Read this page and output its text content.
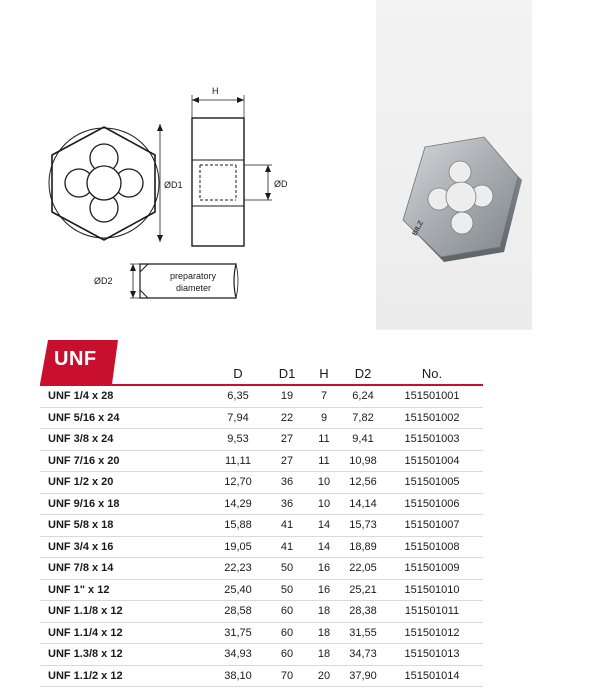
ØD1
H
ØD
ØD2	preparatory
diameter
BILZ
UNF
D	D1	H	D2	No.
UNF 1/4 x 28	6,35	19	7	6,24	151501001
UNF 5/16 x 24	7,94	22	9	7,82	151501002
UNF 3/8 x 24	9,53	27	11	9,41	151501003
UNF 7/16 x 20	11,11	27	11	10,98	151501004
UNF 1/2 x 20	12,70	36	10	12,56	151501005
UNF 9/16 x 18	14,29	36	10	14,14	151501006
UNF 5/8 x 18	15,88	41	14	15,73	151501007
UNF 3/4 x 16	19,05	41	14	18,89	151501008
UNF 7/8 x 14	22,23	50	16	22,05	151501009
UNF 1" x 12	25,40	50	16	25,21	151501010
UNF 1.1/8 x 12	28,58	60	18	28,38	151501011
UNF 1.1/4 x 12	31,75	60	18	31,55	151501012
UNF 1.3/8 x 12	34,93	60	18	34,73	151501013
UNF 1.1/2 x 12	38,10	70	20	37,90	151501014
